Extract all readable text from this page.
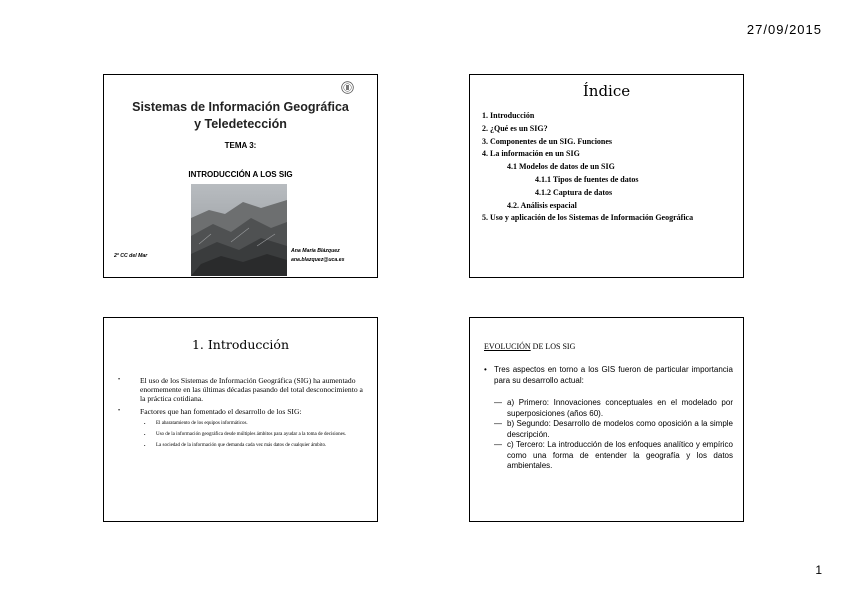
27/09/2015

Sistemas de Información Geográfica
y Teledetección
TEMA 3:
INTRODUCCIÓN A LOS SIG
2º CC del Mar
Ana María Blázquez
ana.blazquez@uca.es
Índice
1. Introducción
2. ¿Qué es un SIG?
3. Componentes de un SIG. Funciones
4. La información en un SIG
4.1 Modelos de datos de un SIG
4.1.1 Tipos de fuentes de datos
4.1.2 Captura de datos
4.2. Análisis espacial
5. Uso y aplicación de los Sistemas de Información Geográfica
1. Introducción
•	El uso de los Sistemas de Información Geográfica (SIG) ha aumentado enormemente en las últimas décadas pasando del total desconocimiento a la práctica cotidiana.
•	Factores que han fomentado el desarrollo de los SIG:
•	El abaratamiento de los equipos informáticos.
•	Uso de la información geográfica desde múltiples ámbitos para ayudar a la toma de decisiones.
•	La sociedad de la información que demanda cada vez más datos de cualquier ámbito.
EVOLUCIÓN DE LOS SIG
• Tres aspectos en torno a los GIS fueron de particular importancia para su desarrollo actual:
— a) Primero: Innovaciones conceptuales en el modelado por superposiciones (años 60).
— b) Segundo: Desarrollo de modelos como oposición a la simple descripción.
— c) Tercero: La introducción de los enfoques analítico y empírico como una forma de entender la geografía y los datos ambientales.
1
